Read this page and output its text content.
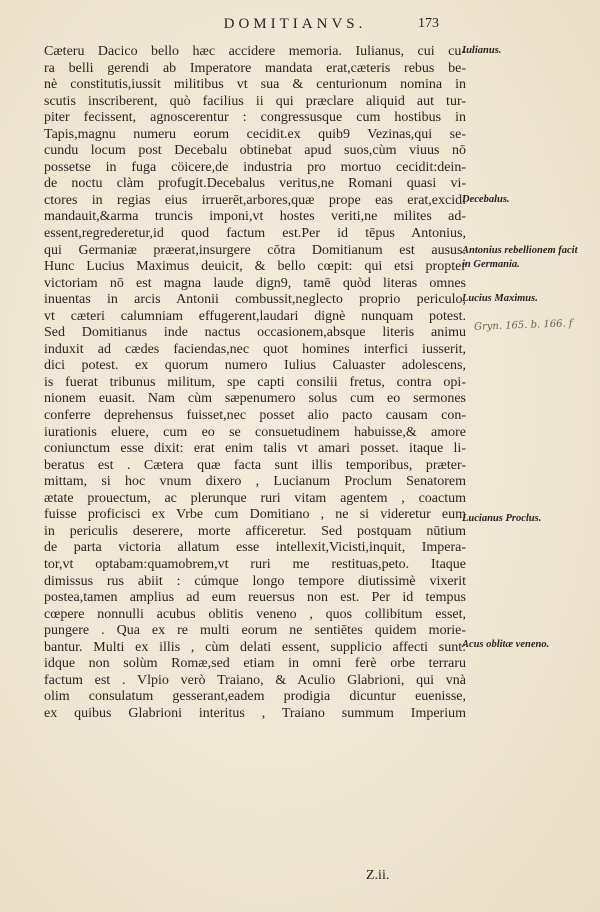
DOMITIANVS.	173
Cæteru Dacico bello hæc accidere memoria. Iulianus, cui cu-
ra belli gerendi ab Imperatore mandata erat,cæteris rebus be-
nè constitutis,iussit militibus vt sua & centurionum nomina in
scutis inscriberent, quò facilius ii qui præclare aliquid aut tur-
piter fecissent, agnoscerentur : congressusque cum hostibus in
Tapis,magnu numeru eorum cecidit.ex quib9 Vezinas,qui se-
cundu locum post Decebalu obtinebat apud suos,cùm viuus nō
possetse in fuga cöicere,de industria pro mortuo cecidit:dein-
de noctu clàm profugit.Decebalus veritus,ne Romani quasi vi-
ctores in regias eius irruerēt,arbores,quæ prope eas erat,excidi
mandauit,&arma truncis imponi,vt hostes veriti,ne milites ad-
essent,regrederetur,id quod factum est.Per id tēpus Antonius,
qui Germaniæ præerat,insurgere cōtra Domitianum est ausus.
Hunc Lucius Maximus deuicit, & bello cœpit: qui etsi propter
victoriam nō est magna laude dign9, tamē quòd literas omnes
inuentas in arcis Antonii combussit,neglecto proprio periculo,
vt cæteri calumniam effugerent,laudari dignè nunquam potest.
Sed Domitianus inde nactus occasionem,absque literis animu
induxit ad cædes faciendas,nec quot homines interfici iusserit,
dici potest. ex quorum numero Iulius Caluaster adolescens,
is fuerat tribunus militum, spe capti consilii fretus, contra opi-
nionem euasit. Nam cùm sæpenumero solus cum eo sermones
conferre deprehensus fuisset,nec posset alio pacto causam con-
iurationis eluere, cum eo se consuetudinem habuisse,& amore
coniunctum esse dixit: erat enim talis vt amari posset. itaque li-
beratus est . Cætera quæ facta sunt illis temporibus, præter-
mittam, si hoc vnum dixero , Lucianum Proclum Senatorem
ætate prouectum, ac plerunque ruri vitam agentem , coactum
fuisse proficisci ex Vrbe cum Domitiano , ne si videretur eum
in periculis deserere, morte afficeretur. Sed postquam nūtium
de parta victoria allatum esse intellexit,Vicisti,inquit, Impera-
tor,vt optabam:quamobrem,vt ruri me restituas,peto. Itaque
dimissus rus abiit : cúmque longo tempore diutissimè vixerit
postea,tamen amplius ad eum reuersus non est. Per id tempus
cœpere nonnulli acubus oblitis veneno , quos collibitum esset,
pungere . Qua ex re multi eorum ne sentiētes quidem morie-
bantur. Multi ex illis , cùm delati essent, supplicio affecti sunt:
idque non solùm Romæ,sed etiam in omni ferè orbe terraru
factum est . Vlpio verò Traiano, & Aculio Glabrioni, qui vnà
olim consulatum gesserant,eadem prodigia dicuntur euenisse,
ex quibus Glabrioni interitus , Traiano summum Imperium
Z.ii.
Iulianus.
Decebalus.
Antonius rebellionem facit in Germania.
Lucius Maximus.
Lucianus Proclus.
Acus oblitæ veneno.
Gryn. 165. b. 166. f
